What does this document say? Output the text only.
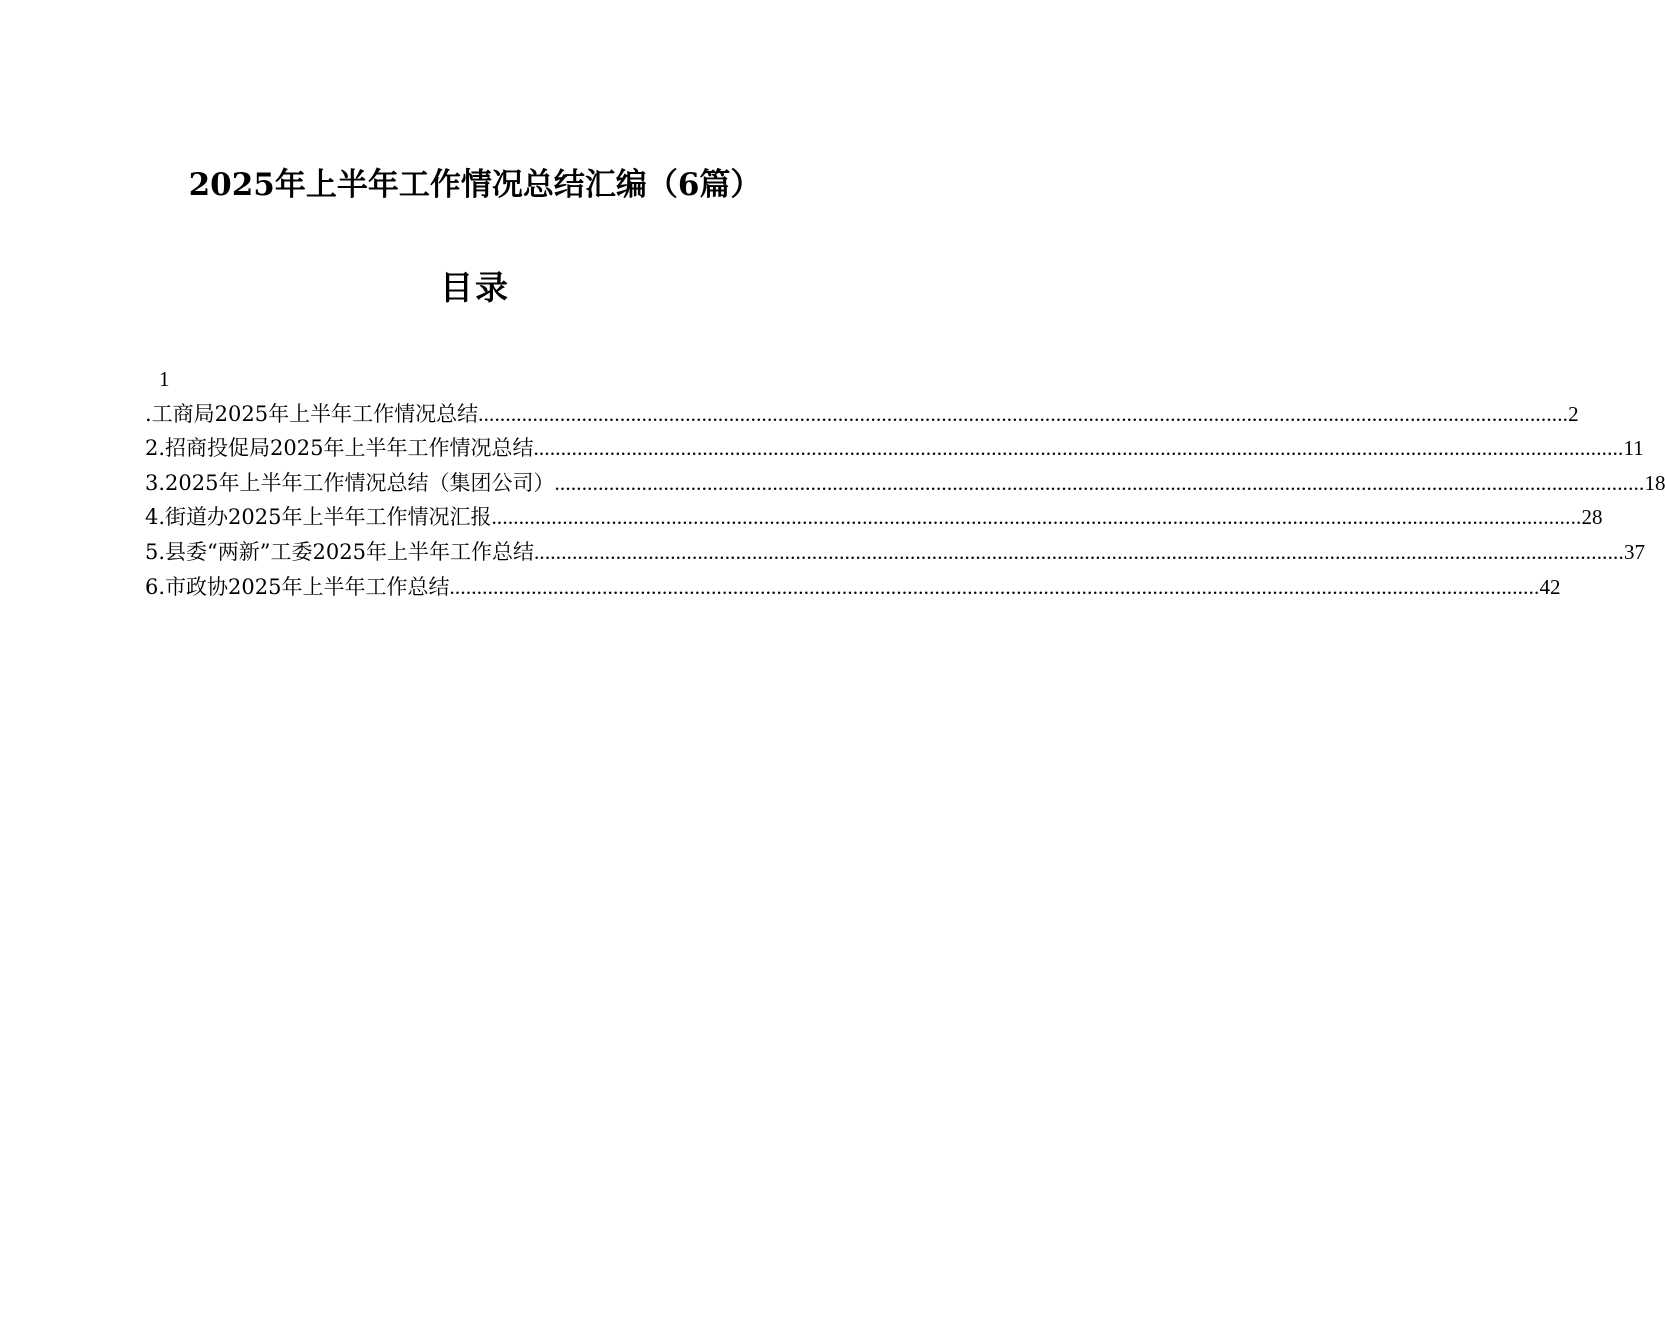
2025年上半年工作情况总结汇编（6篇）
目录
1
.工商局2025年上半年工作情况总结 ........................................................................................................................................................................................................ 2
2.招商投促局2025年上半年工作情况总结 ........................................................................................................................................................................................................ 11
3.2025年上半年工作情况总结（集团公司） ........................................................................................................................................................................................................ 18
4.街道办2025年上半年工作情况汇报 ........................................................................................................................................................................................................ 28
5.县委“两新”工委2025年上半年工作总结 ........................................................................................................................................................................................................ 37
6.市政协2025年上半年工作总结 ........................................................................................................................................................................................................ 42
